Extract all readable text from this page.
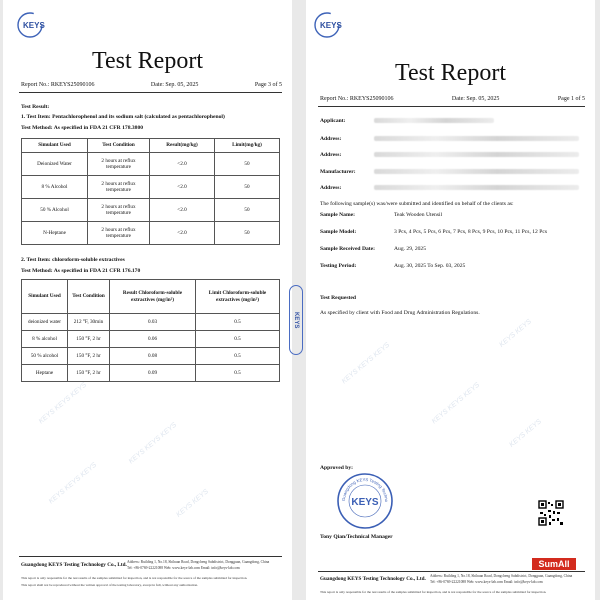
KEYS
Test Report
Report No.: RKEYS25090106	Date: Sep. 05, 2025	Page 3 of 5
Test Result:
1. Test Item: Pentachlorophenol and its sodium salt (calculated as pentachlorophenol)
Test Method: As specified in FDA 21 CFR 178.3800
Simulant Used	Test Condition	Result(mg/kg)	Limit(mg/kg)
Deionized Water	2 hours at reflux temperature	<2.0	50
8 % Alcohol	2 hours at reflux temperature	<2.0	50
50 % Alcohol	2 hours at reflux temperature	<2.0	50
N-Heptane	2 hours at reflux temperature	<2.0	50
2. Test Item: chloroform-soluble extractives
Test Method: As specified in FDA 21 CFR 176.170
Simulant Used	Test Condition	Result Chloroform-soluble extractives (mg/in²)	Limit Chloroform-soluble extractives (mg/in²)
deionized water	212 °F, 30min	0.03	0.5
8 % alcohol	150 °F, 2 hr	0.06	0.5
50 % alcohol	150 °F, 2 hr	0.08	0.5
Heptane	150 °F, 2 hr	0.09	0.5
KEYS KEYS KEYS
KEYS KEYS KEYS
KEYS KEYS KEYS	KEYS KEYS
Guangdong KEYS Testing Technology Co., Ltd. Address: Building 1, No.18, Shihuan Road, Dongcheng Subdistrict, Dongguan, Guangdong, China
Tel: +86-0769-22221088 Web: www.keys-lab.com Email: info@keys-lab.com
This report is only responsible for the test results of the samples submitted for inspection, and is not responsible for the source of the samples submitted for inspection.
This report shall not be reproduced without the written approval of the testing laboratory, except in full, without any authorization.
KEYS
KEYS
Test Report
Report No.: RKEYS25090106	Date: Sep. 05, 2025	Page 1 of 5
Applicant:
Address:
Address:
Manufacturer:
Address:
The following sample(s) was/were submitted and identified on behalf of the clients as:
Sample Name:	Teak Wooden Utensil
Sample Model:	3 Pcs, 4 Pcs, 5 Pcs, 6 Pcs, 7 Pcs, 8 Pcs, 9 Pcs, 10 Pcs, 11 Pcs, 12 Pcs
Sample Received Date:	Aug. 29, 2025
Testing Period:	Aug. 30, 2025 To Sep. 03, 2025
Test Requested
As specified by client with Food and Drug Administration Regulations.
KEYS KEYS KEYS
KEYS KEYS KEYS
KEYS KEYS
KEYS KEYS
Approved by:
Guangdong KEYS Testing Techno
KEYS
Tony Qian/Technical Manager
SumAll
Guangdong KEYS Testing Technology Co., Ltd. Address: Building 1, No.18, Shihuan Road, Dongcheng Subdistrict, Dongguan, Guangdong, China
Tel: +86-0769-22221088 Web: www.keys-lab.com Email: info@keys-lab.com
This report is only responsible for the test results of the samples submitted for inspection, and is not responsible for the source of the samples submitted for inspection.
